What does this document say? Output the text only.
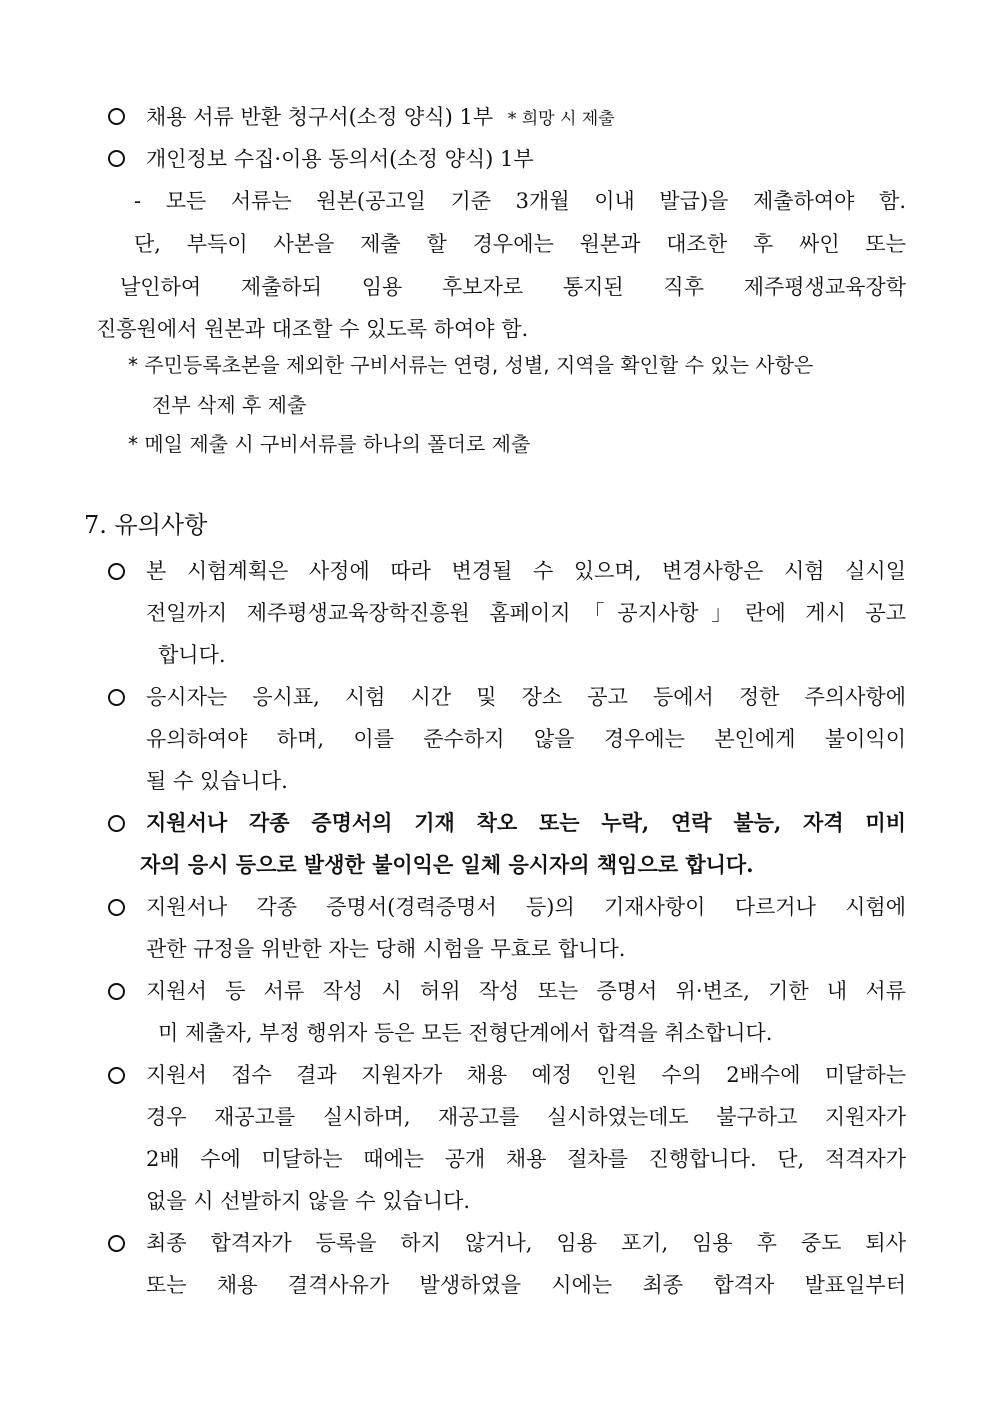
채용 서류 반환 청구서(소정 양식) 1부 * 희망 시 제출
개인정보 수집·이용 동의서(소정 양식) 1부
- 모든 서류는 원본(공고일 기준 3개월 이내 발급)을 제출하여야 함.
단, 부득이 사본을 제출 할 경우에는 원본과 대조한 후 싸인 또는
날인하여 제출하되 임용 후보자로 통지된 직후 제주평생교육장학
진흥원에서 원본과 대조할 수 있도록 하여야 함.
* 주민등록초본을 제외한 구비서류는 연령, 성별, 지역을 확인할 수 있는 사항은
전부 삭제 후 제출
* 메일 제출 시 구비서류를 하나의 폴더로 제출
7. 유의사항
본 시험계획은 사정에 따라 변경될 수 있으며, 변경사항은 시험 실시일
전일까지 제주평생교육장학진흥원 홈페이지「공지사항」란에 게시 공고
합니다.
응시자는 응시표, 시험 시간 및 장소 공고 등에서 정한 주의사항에
유의하여야 하며, 이를 준수하지 않을 경우에는 본인에게 불이익이
될 수 있습니다.
지원서나 각종 증명서의 기재 착오 또는 누락, 연락 불능, 자격 미비
자의 응시 등으로 발생한 불이익은 일체 응시자의 책임으로 합니다.
지원서나 각종 증명서(경력증명서 등)의 기재사항이 다르거나 시험에
관한 규정을 위반한 자는 당해 시험을 무효로 합니다.
지원서 등 서류 작성 시 허위 작성 또는 증명서 위·변조, 기한 내 서류
미 제출자, 부정 행위자 등은 모든 전형단계에서 합격을 취소합니다.
지원서 접수 결과 지원자가 채용 예정 인원 수의 2배수에 미달하는
경우 재공고를 실시하며, 재공고를 실시하였는데도 불구하고 지원자가
2배 수에 미달하는 때에는 공개 채용 절차를 진행합니다. 단, 적격자가
없을 시 선발하지 않을 수 있습니다.
최종 합격자가 등록을 하지 않거나, 임용 포기, 임용 후 중도 퇴사
또는 채용 결격사유가 발생하였을 시에는 최종 합격자 발표일부터
